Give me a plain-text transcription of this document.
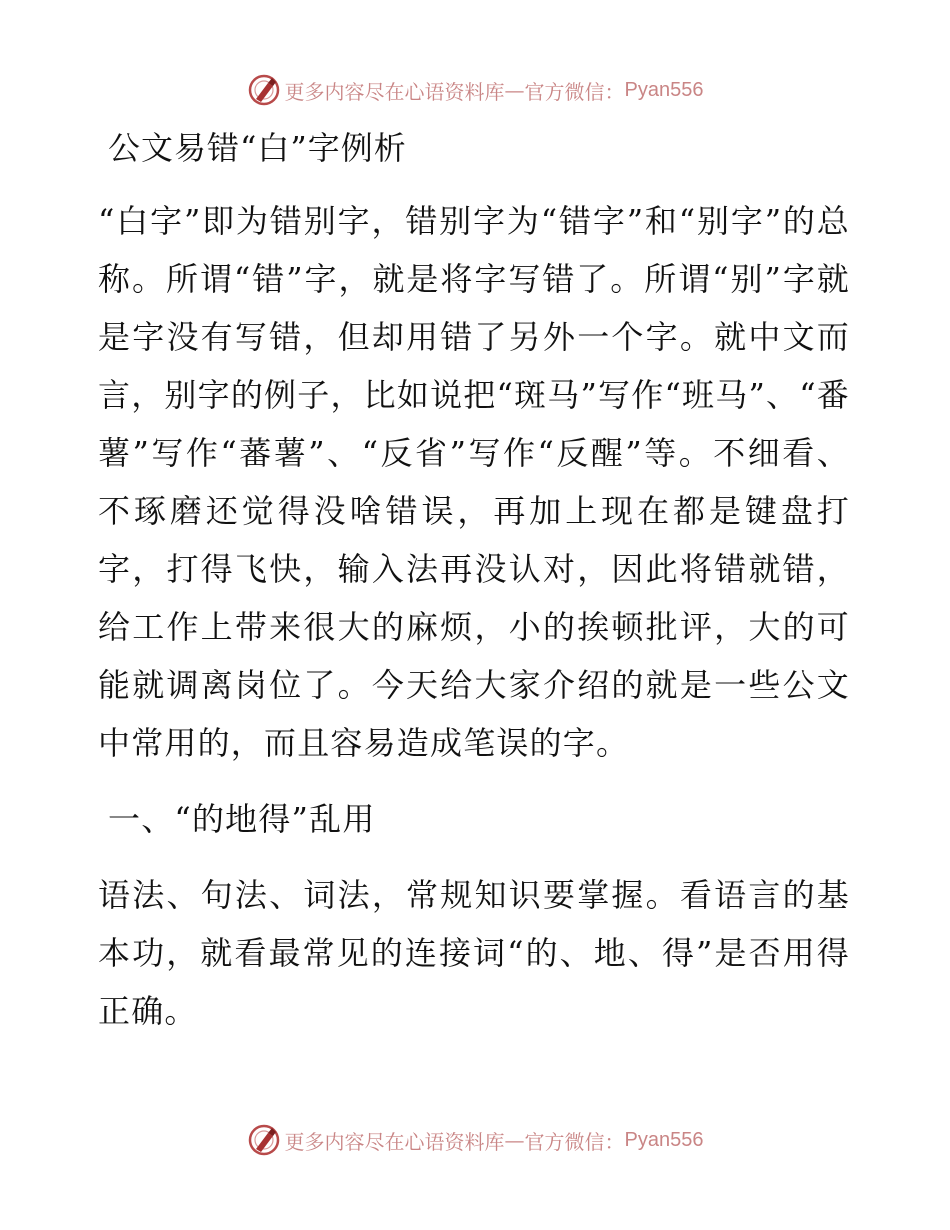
更多内容尽在心语资料库 — 官方微信： Pyan556
公文易错“白”字例析

“白字”即为错别字，错别字为“错字”和“别字”的总称。所谓“错”字，就是将字写错了。所谓“别”字就是字没有写错，但却用错了另外一个字。就中文而言，别字的例子，比如说把“斑马”写作“班马”、“番薯”写作“蕃薯”、“反省”写作“反醒”等。不细看、不琢磨还觉得没啥错误，再加上现在都是键盘打字，打得飞快，输入法再没认对，因此将错就错，给工作上带来很大的麻烦，小的挨顿批评，大的可能就调离岗位了。今天给大家介绍的就是一些公文中常用的，而且容易造成笔误的字。

一、“的地得”乱用

语法、句法、词法，常规知识要掌握。看语言的基本功，就看最常见的连接词“的、地、得”是否用得正确。

更多内容尽在心语资料库 — 官方微信： Pyan556
